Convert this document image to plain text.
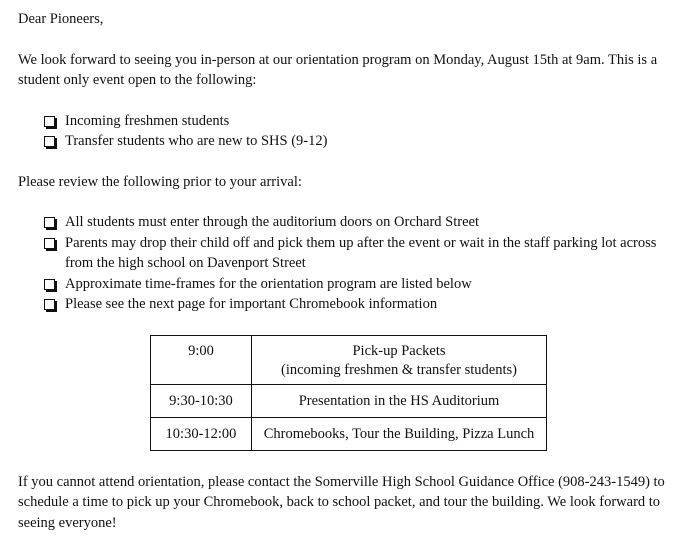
Dear Pioneers,

We look forward to seeing you in-person at our orientation program on Monday, August 15th at 9am. This is a student only event open to the following:

Incoming freshmen students
Transfer students who are new to SHS (9-12)

Please review the following prior to your arrival:

All students must enter through the auditorium doors on Orchard Street
Parents may drop their child off and pick them up after the event or wait in the staff parking lot across from the high school on Davenport Street
Approximate time-frames for the orientation program are listed below
Please see the next page for important Chromebook information
9:00	Pick-up Packets
(incoming freshmen & transfer students)

9:30-10:30	Presentation in the HS Auditorium
10:30-12:00	Chromebooks, Tour the Building, Pizza Lunch

If you cannot attend orientation, please contact the Somerville High School Guidance Office (908-243-1549) to schedule a time to pick up your Chromebook, back to school packet, and tour the building. We look forward to seeing everyone!
